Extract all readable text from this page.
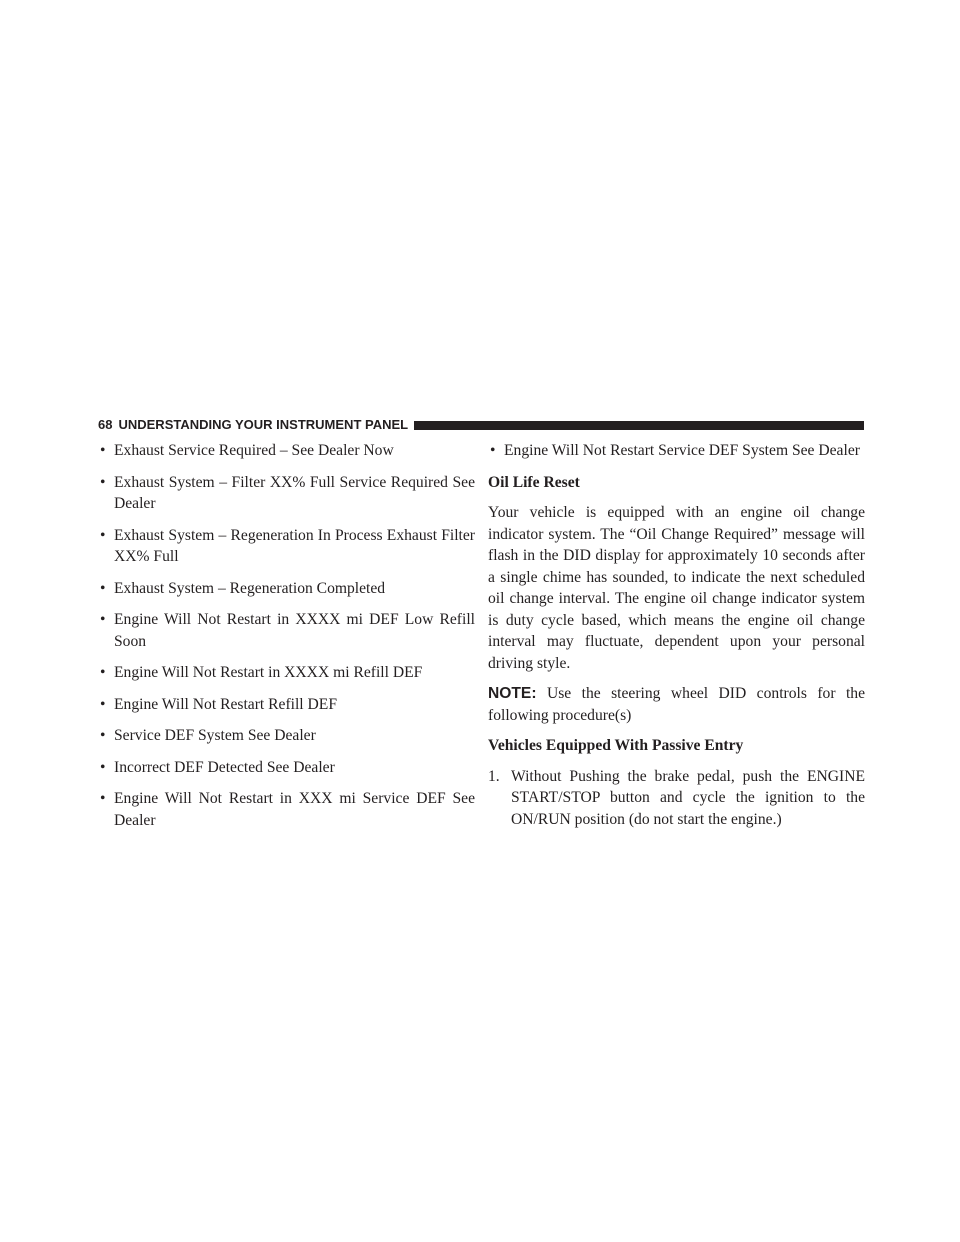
68 UNDERSTANDING YOUR INSTRUMENT PANEL
• Exhaust Service Required – See Dealer Now
• Exhaust System – Filter XX% Full Service Required See Dealer
• Exhaust System – Regeneration In Process Exhaust Filter XX% Full
• Exhaust System – Regeneration Completed
• Engine Will Not Restart in XXXX mi DEF Low Refill Soon
• Engine Will Not Restart in XXXX mi Refill DEF
• Engine Will Not Restart Refill DEF
• Service DEF System See Dealer
• Incorrect DEF Detected See Dealer
• Engine Will Not Restart in XXX mi Service DEF See Dealer
• Engine Will Not Restart Service DEF System See Dealer
Oil Life Reset

Your vehicle is equipped with an engine oil change indicator system. The “Oil Change Required” message will flash in the DID display for approximately 10 seconds after a single chime has sounded, to indicate the next scheduled oil change interval. The engine oil change indicator system is duty cycle based, which means the engine oil change interval may fluctuate, dependent upon your personal driving style.

NOTE: Use the steering wheel DID controls for the following procedure(s)

Vehicles Equipped With Passive Entry

1. Without Pushing the brake pedal, push the ENGINE START/STOP button and cycle the ignition to the ON/RUN position (do not start the engine.)
